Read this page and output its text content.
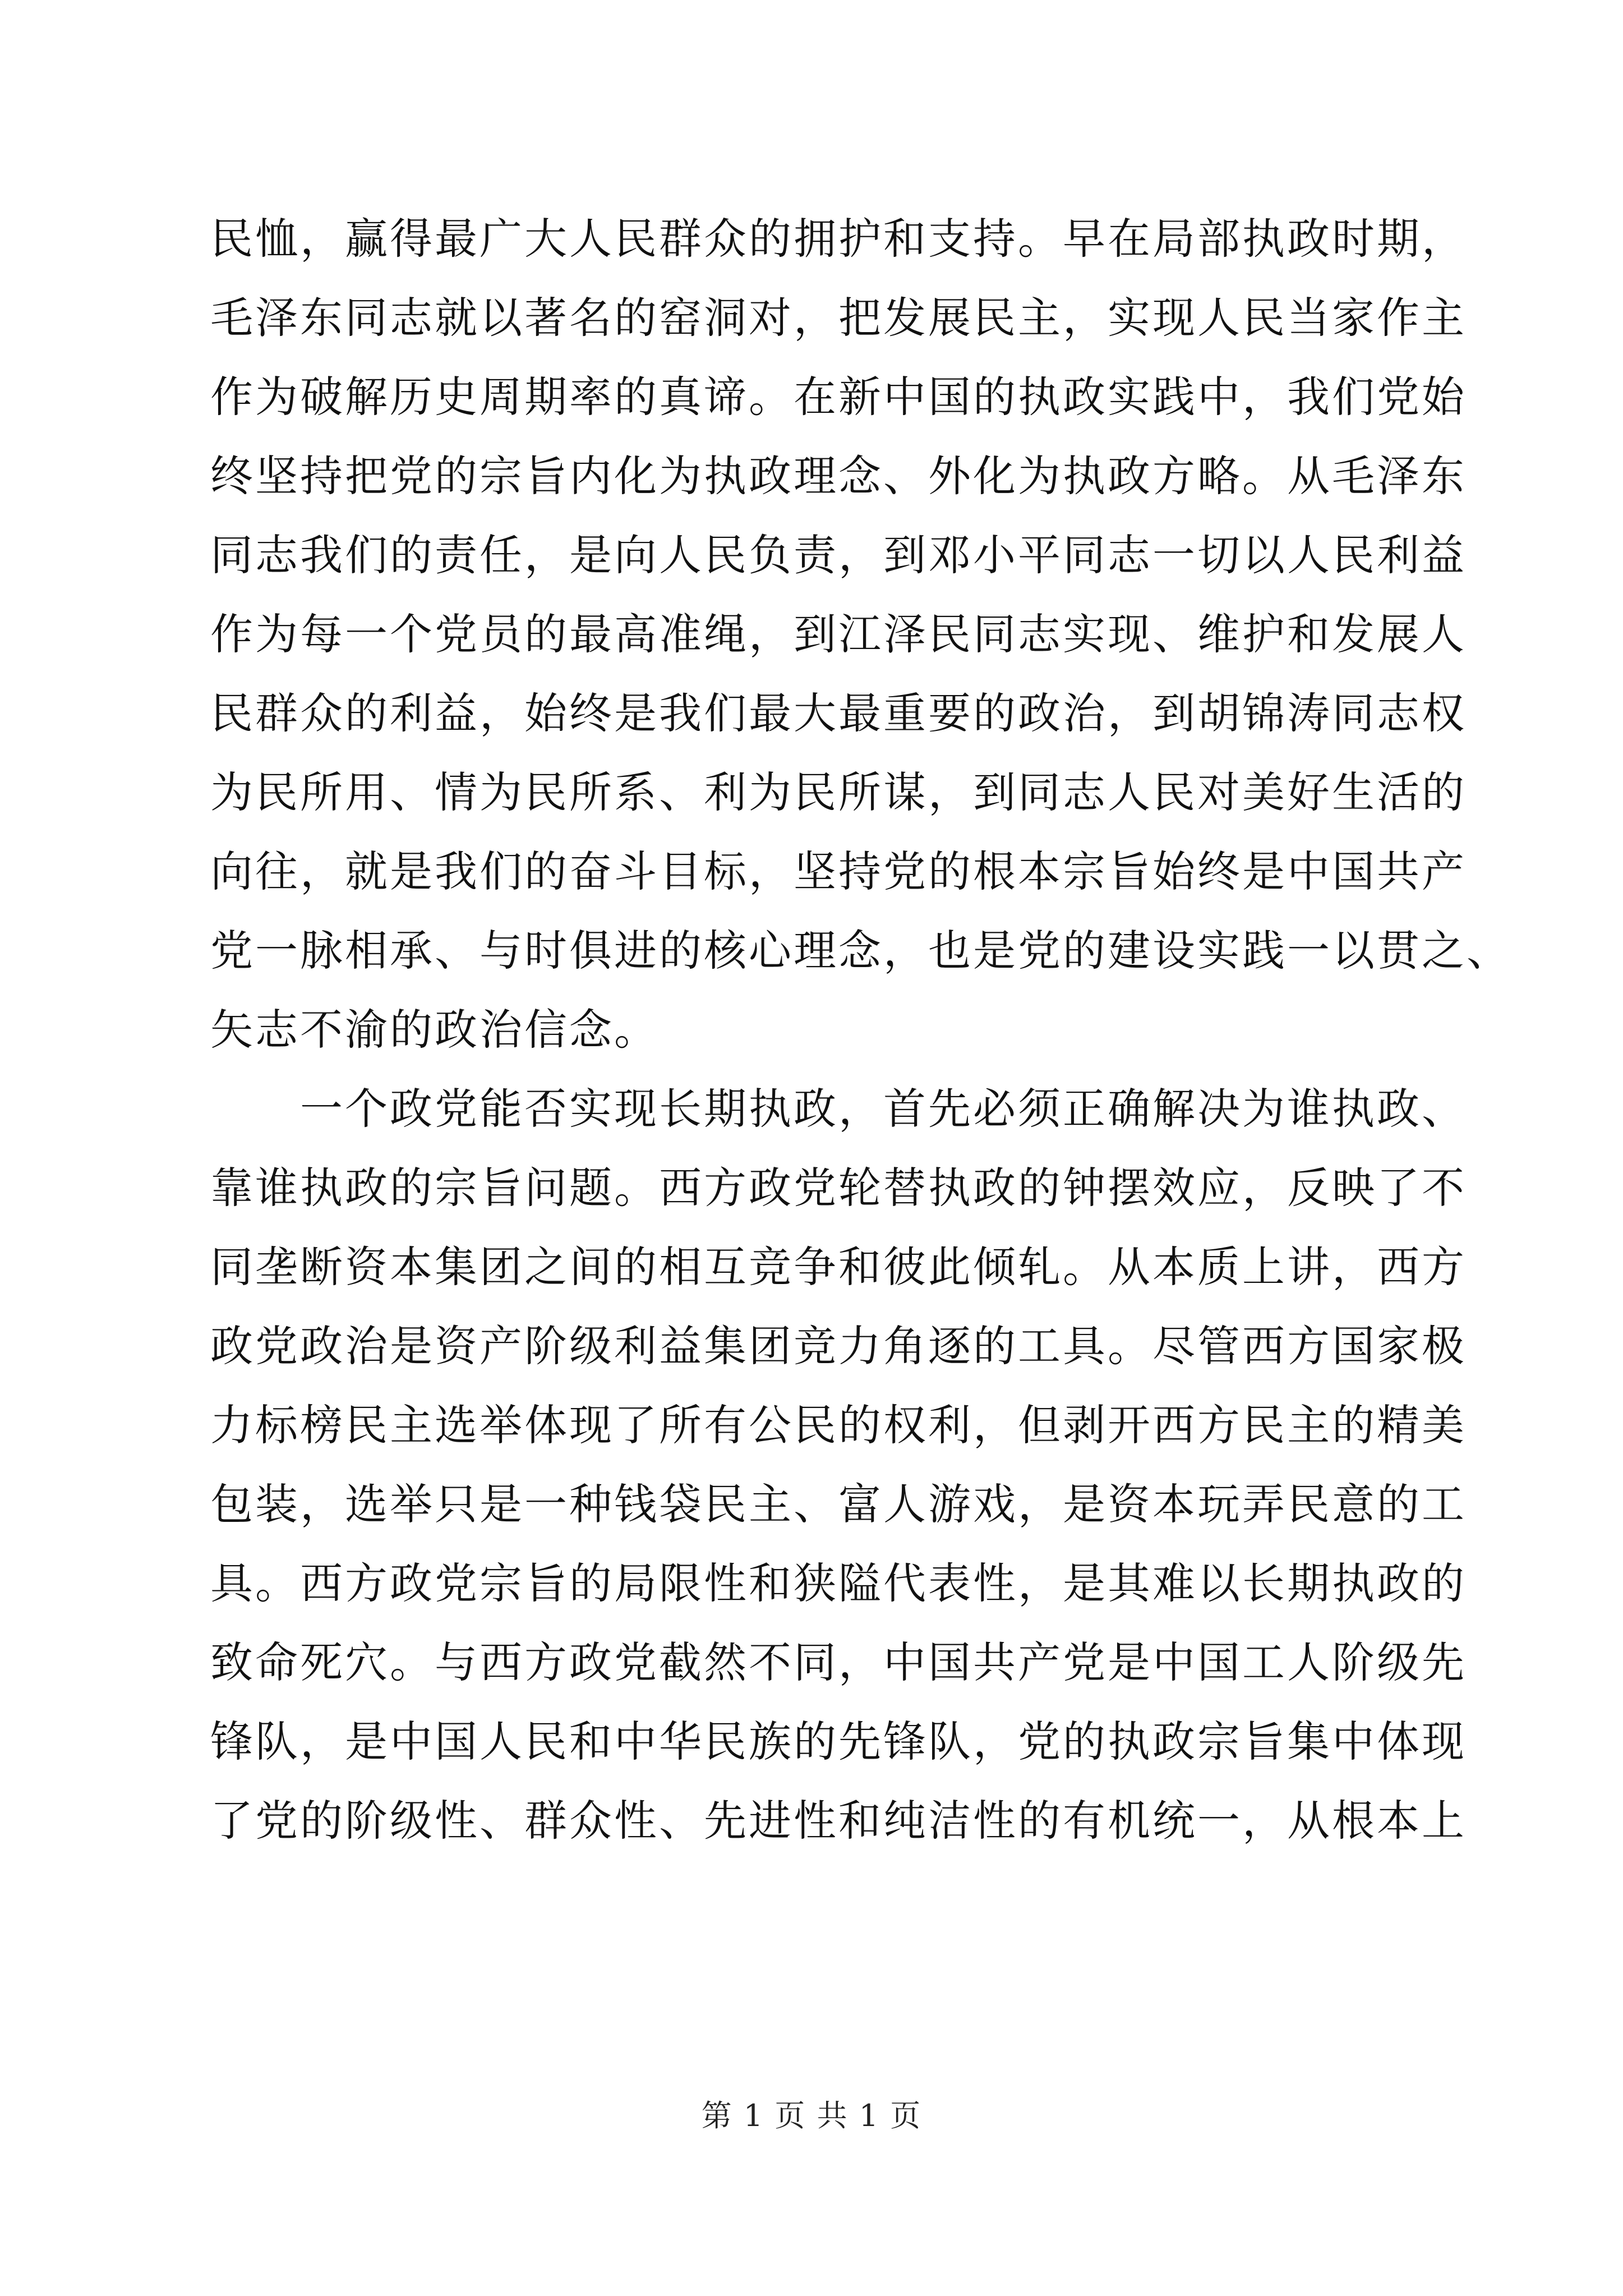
民恤，赢得最广大人民群众的拥护和支持。早在局部执政时期，
毛泽东同志就以著名的窑洞对，把发展民主，实现人民当家作主
作为破解历史周期率的真谛。在新中国的执政实践中，我们党始
终坚持把党的宗旨内化为执政理念、外化为执政方略。从毛泽东
同志我们的责任，是向人民负责，到邓小平同志一切以人民利益
作为每一个党员的最高准绳，到江泽民同志实现、维护和发展人
民群众的利益，始终是我们最大最重要的政治，到胡锦涛同志权
为民所用、情为民所系、利为民所谋，到同志人民对美好生活的
向往，就是我们的奋斗目标，坚持党的根本宗旨始终是中国共产
党一脉相承、与时俱进的核心理念，也是党的建设实践一以贯之、
矢志不渝的政治信念。
　　一个政党能否实现长期执政，首先必须正确解决为谁执政、
靠谁执政的宗旨问题。西方政党轮替执政的钟摆效应，反映了不
同垄断资本集团之间的相互竞争和彼此倾轧。从本质上讲，西方
政党政治是资产阶级利益集团竞力角逐的工具。尽管西方国家极
力标榜民主选举体现了所有公民的权利，但剥开西方民主的精美
包装，选举只是一种钱袋民主、富人游戏，是资本玩弄民意的工
具。西方政党宗旨的局限性和狭隘代表性，是其难以长期执政的
致命死穴。与西方政党截然不同，中国共产党是中国工人阶级先
锋队，是中国人民和中华民族的先锋队，党的执政宗旨集中体现
了党的阶级性、群众性、先进性和纯洁性的有机统一，从根本上
第 1 页 共 1 页
